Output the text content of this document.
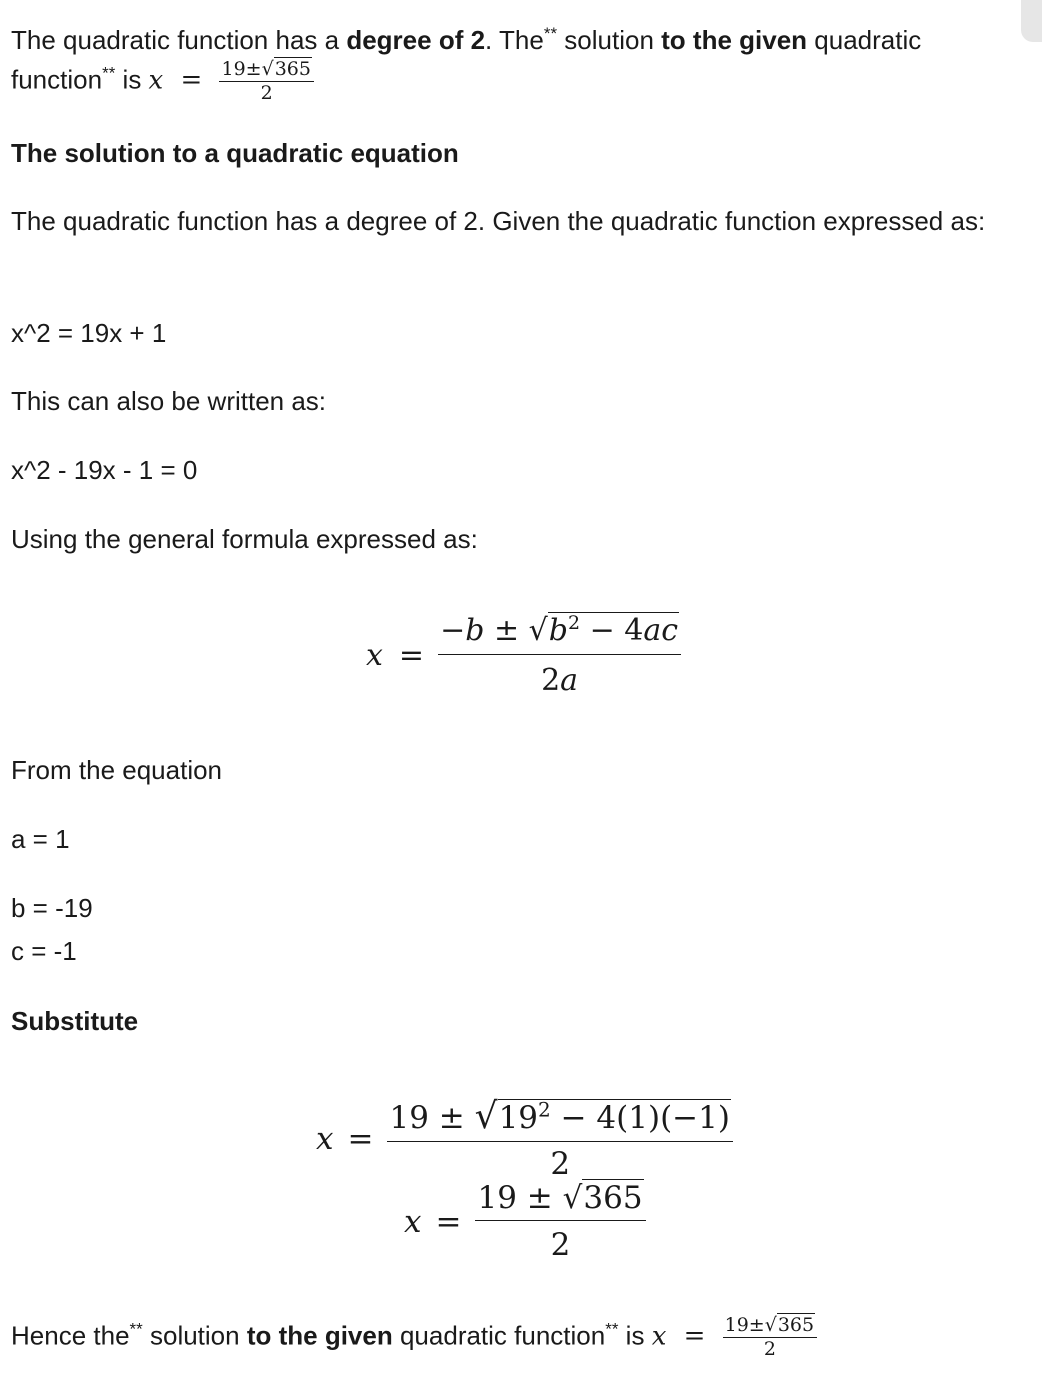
The quadratic function has a degree of 2. The** solution to the given quadratic
function** is $x = \frac{19\pm√365}{2}$
The solution to a quadratic equation
The quadratic function has a degree of 2. Given the quadratic function expressed as:
x^2 = 19x + 1
This can also be written as:
x^2 - 19x - 1 = 0
Using the general formula expressed as:
$x = \frac{-b \pm √b^2 - 4ac}{2a}$
From the equation
a = 1
b = -19
c = -1
Substitute
$x = \frac{19 \pm √19^2 - 4(1)(-1)}{2}$
$x = \frac{19 \pm √365}{2}$
Hence the** solution to the given quadratic function** is $x = \frac{19\pm√365}{2}$
